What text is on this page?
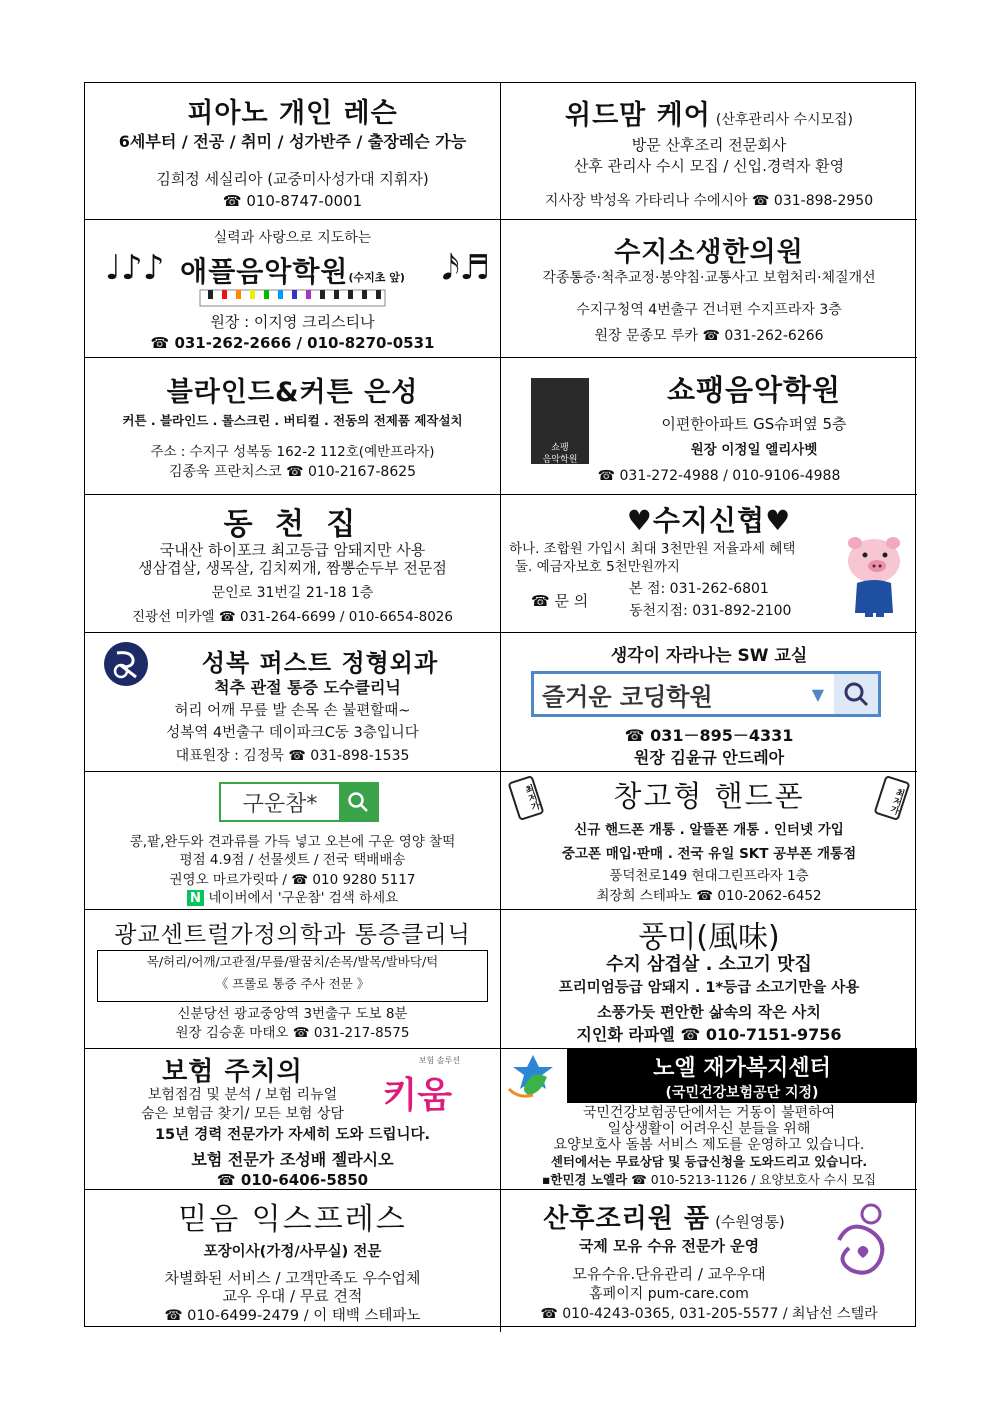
피아노 개인 레슨
6세부터 / 전공 / 취미 / 성가반주 / 출장레슨 가능
김희정 세실리아 (교중미사성가대 지휘자)
☎ 010-8747-0001
위드맘 케어 (산후관리사 수시모집)
방문 산후조리 전문회사
산후 관리사 수시 모집 / 신입.경력자 환영
지사장 박성옥 가타리나 수에시아 ☎ 031-898-2950
실력과 사랑으로 지도하는
♩♪♪	𝅘𝅥𝅯♬
애플음악학원(수지초 앞)
원장 : 이지영 크리스티나
☎ 031-262-2666 / 010-8270-0531
수지소생한의원
각종통증·척추교정·봉약침·교통사고 보험처리·체질개선
수지구청역 4번출구 건너편 수지프라자 3층
원장 문종모 루카 ☎ 031-262-6266
블라인드&커튼 은성
커튼 . 블라인드 . 롤스크린 . 버티컬 . 전동의 전제품 제작설치
주소 : 수지구 성복동 162-2 112호(예반프라자)
김종욱 프란치스코 ☎ 010-2167-8625

쇼팽
음악학원

Chopin Music Academy

쇼팽음악학원
이편한아파트 GS슈퍼옆 5층
원장 이정일 엘리사벳
☎ 031-272-4988 / 010-9106-4988
동 천 집
국내산 하이포크 최고등급 암돼지만 사용
생삼겹살, 생목살, 김치찌개, 짬뽕순두부 전문점
문인로 31번길 21-18 1층
진광선 미카엘 ☎ 031-264-6699 / 010-6654-8026
♥수지신협♥
하나. 조합원 가입시 최대 3천만원 저율과세 혜택
둘. 예금자보호 5천만원까지
☎ 문 의
본 점: 031-262-6801
동천지점: 031-892-2100
성복 퍼스트 정형외과
척추 관절 통증 도수클리닉
허리 어깨 무릎 발 손목 손 불편할때~
성복역 4번출구 데이파크C동 3층입니다
대표원장 : 김정묵 ☎ 031-898-1535
생각이 자라나는 SW 교실
즐거운 코딩학원	▼
☎ 031－895－4331
원장 김윤규 안드레아
구운참*
콩,팥,완두와 견과류를 가득 넣고 오븐에 구운 영양 찰떡
평점 4.9점 / 선물셋트 / 전국 택배배송
권영오 마르가릿따 / ☎ 010 9280 5117
N 네이버에서 '구운참' 검색 하세요
최저가	최저가
창고형 핸드폰
신규 핸드폰 개통 . 알뜰폰 개통 . 인터넷 가입
중고폰 매입·판매 . 전국 유일 SKT 공부폰 개통점
풍덕천로149 현대그린프라자 1층
최장희 스테파노 ☎ 010-2062-6452
광교센트럴가정의학과 통증클리닉
목/허리/어깨/고관절/무릎/팔꿈치/손목/발목/발바닥/턱
《 프롤로 통증 주사 전문 》
신분당선 광교중앙역 3번출구 도보 8분
원장 김승훈 마태오 ☎ 031-217-8575
풍미(風味)
수지 삼겹살 . 소고기 맛집
프리미엄등급 암돼지 . 1*등급 소고기만을 사용
소풍가듯 편안한 삶속의 작은 사치
지인화 라파엘 ☎ 010-7151-9756
보험 주치의	보험 솔루션
키움
보험점검 및 분석 / 보험 리뉴얼
숨은 보험금 찾기/ 모든 보험 상담
15년 경력 전문가가 자세히 도와 드립니다.
보험 전문가 조성배 젤라시오
☎ 010-6406-5850
노엘 재가복지센터
(국민건강보험공단 지정)
국민건강보험공단에서는 거동이 불편하여
일상생활이 어려우신 분들을 위해
요양보호사 돌봄 서비스 제도를 운영하고 있습니다.
센터에서는 무료상담 및 등급신청을 도와드리고 있습니다.
▪한민경 노엘라 ☎ 010-5213-1126 / 요양보호사 수시 모집
믿음 익스프레스
포장이사(가정/사무실) 전문
차별화된 서비스 / 고객만족도 우수업체
교우 우대 / 무료 견적
☎ 010-6499-2479 / 이 태백 스테파노
산후조리원 품 (수원영통)
국제 모유 수유 전문가 운영
모유수유.단유관리 / 교우우대
홈페이지 pum-care.com
☎ 010-4243-0365, 031-205-5577 / 최남선 스텔라
